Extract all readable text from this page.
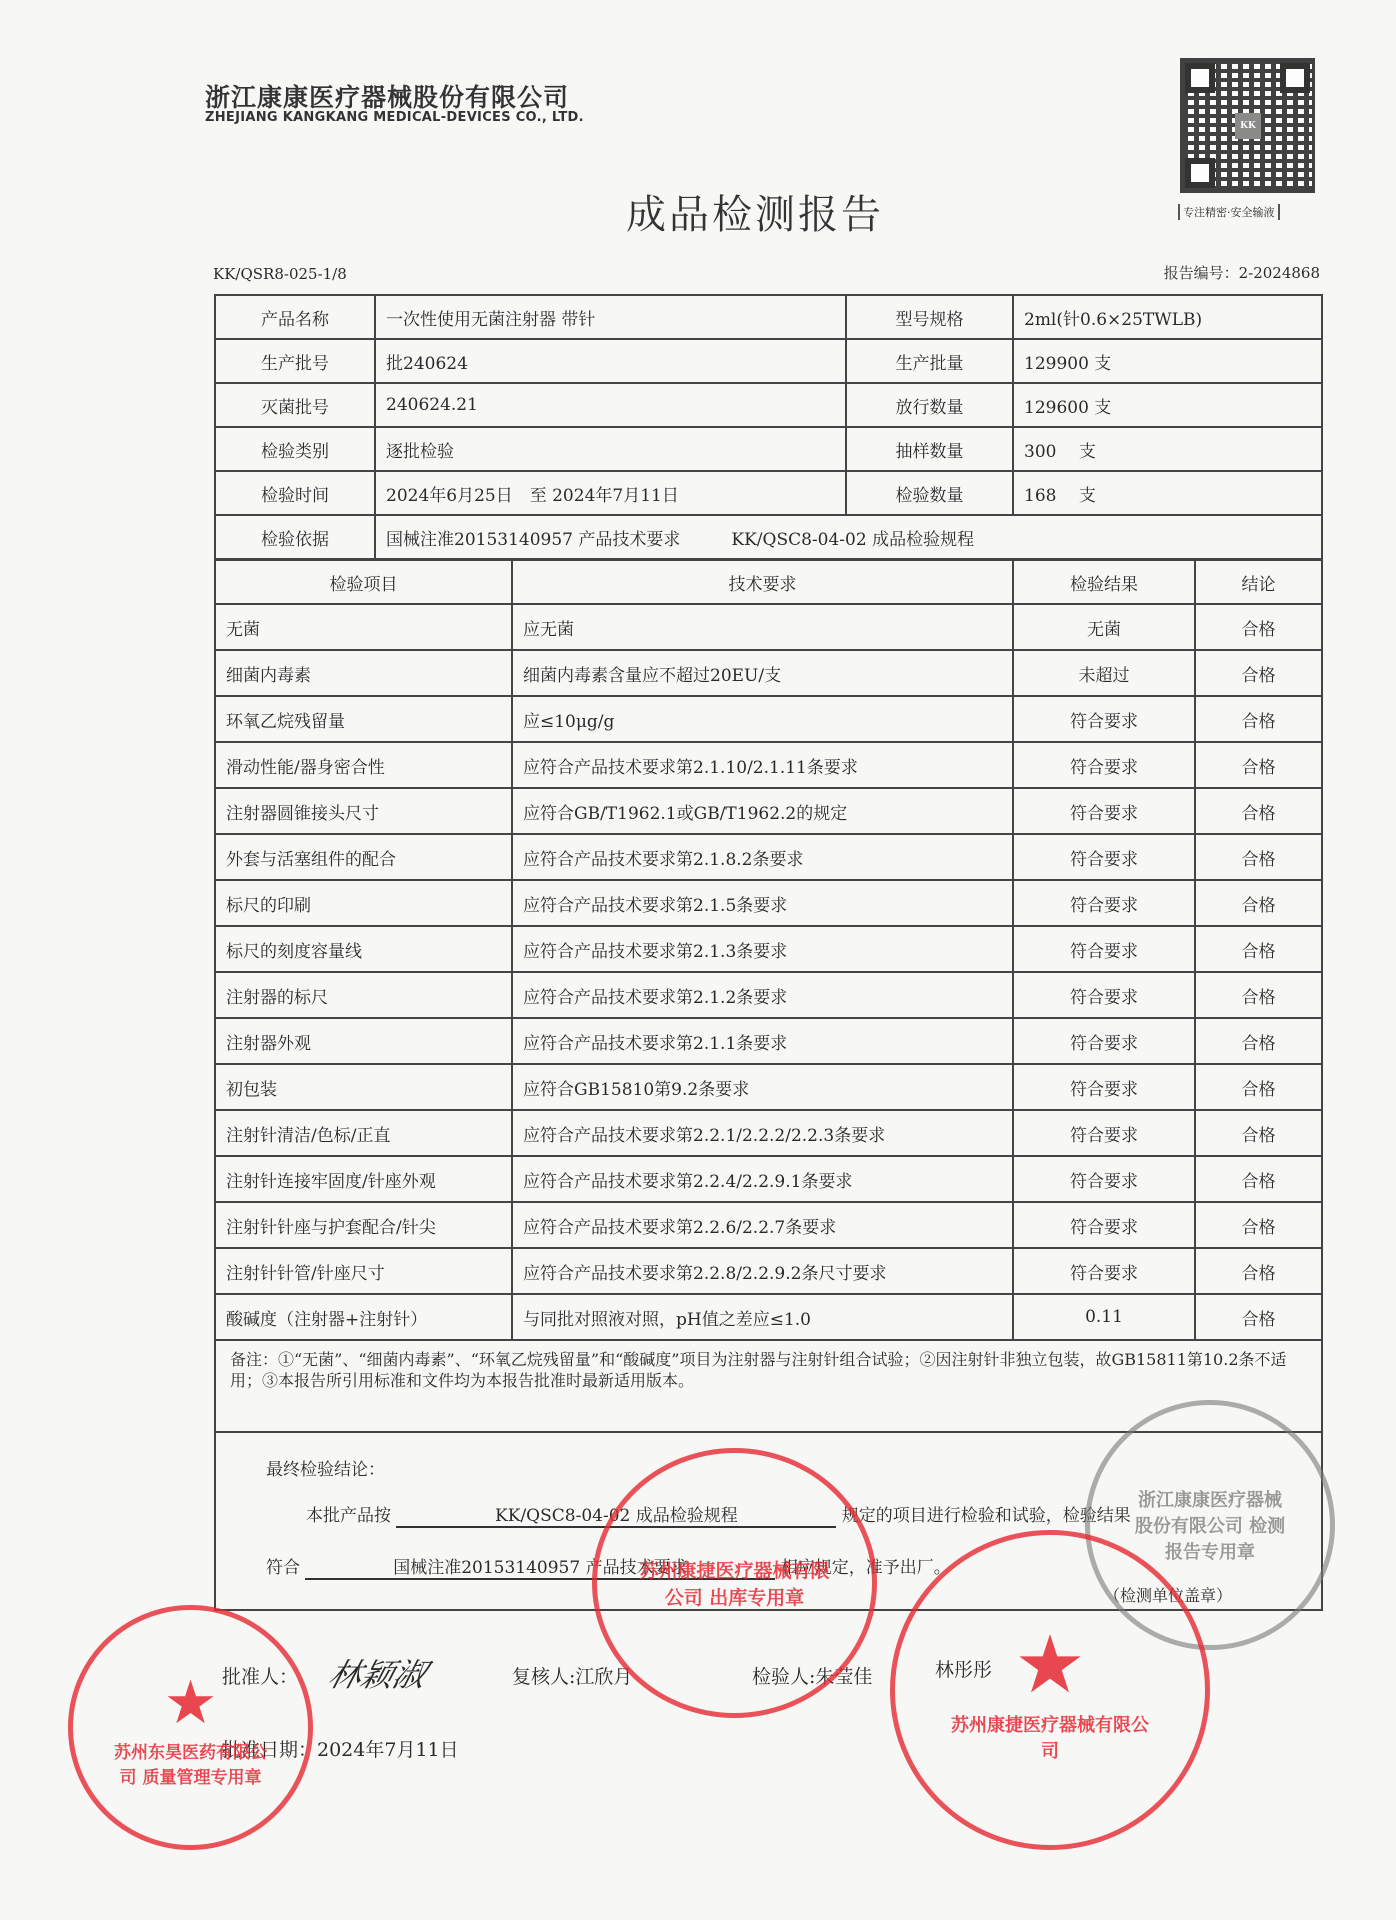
浙江康康医疗器械股份有限公司
ZHEJIANG KANGKANG MEDICAL-DEVICES CO., LTD.
KK
专注精密·安全输液
成品检测报告
KK/QSR8-025-1/8	报告编号：2-2024868
产品名称	一次性使用无菌注射器 带针	型号规格	2ml(针0.6×25TWLB)
生产批号	批240624	生产批量	129900 支
灭菌批号	240624.21	放行数量	129600 支
检验类别	逐批检验	抽样数量	300　 支
检验时间	2024年6月25日　至 2024年7月11日	检验数量	168　 支
检验依据	国械注准20153140957 产品技术要求　　　KK/QSC8-04-02 成品检验规程		
检验项目	技术要求	检验结果	结论
无菌	应无菌	无菌	合格
细菌内毒素	细菌内毒素含量应不超过20EU/支	未超过	合格
环氧乙烷残留量	应≤10μg/g	符合要求	合格
滑动性能/器身密合性	应符合产品技术要求第2.1.10/2.1.11条要求	符合要求	合格
注射器圆锥接头尺寸	应符合GB/T1962.1或GB/T1962.2的规定	符合要求	合格
外套与活塞组件的配合	应符合产品技术要求第2.1.8.2条要求	符合要求	合格
标尺的印刷	应符合产品技术要求第2.1.5条要求	符合要求	合格
标尺的刻度容量线	应符合产品技术要求第2.1.3条要求	符合要求	合格
注射器的标尺	应符合产品技术要求第2.1.2条要求	符合要求	合格
注射器外观	应符合产品技术要求第2.1.1条要求	符合要求	合格
初包装	应符合GB15810第9.2条要求	符合要求	合格
注射针清洁/色标/正直	应符合产品技术要求第2.2.1/2.2.2/2.2.3条要求	符合要求	合格
注射针连接牢固度/针座外观	应符合产品技术要求第2.2.4/2.2.9.1条要求	符合要求	合格
注射针针座与护套配合/针尖	应符合产品技术要求第2.2.6/2.2.7条要求	符合要求	合格
注射针针管/针座尺寸	应符合产品技术要求第2.2.8/2.2.9.2条尺寸要求	符合要求	合格
酸碱度（注射器+注射针）	与同批对照液对照，pH值之差应≤1.0	0.11	合格
备注：①“无菌”、“细菌内毒素”、“环氧乙烷残留量”和“酸碱度”项目为注射器与注射针组合试验；②因注射针非独立包装，故GB15811第10.2条不适用；③本报告所引用标准和文件均为本报告批准时最新适用版本。
最终检验结论：
本批产品按	KK/QSC8-04-02 成品检验规程	规定的项目进行检验和试验，检验结果
符合	国械注准20153140957 产品技术要求	相应规定，准予出厂。
（检测单位盖章）
批准人： 林颖淑	复核人:江欣月	检验人:朱莹佳	林彤彤
批准日期：2024年7月11日
浙江康康医疗器械股份有限公司 检测报告专用章
★
苏州东昊医药有限公司 质量管理专用章
苏州康捷医疗器械有限公司 出库专用章
★
苏州康捷医疗器械有限公司
